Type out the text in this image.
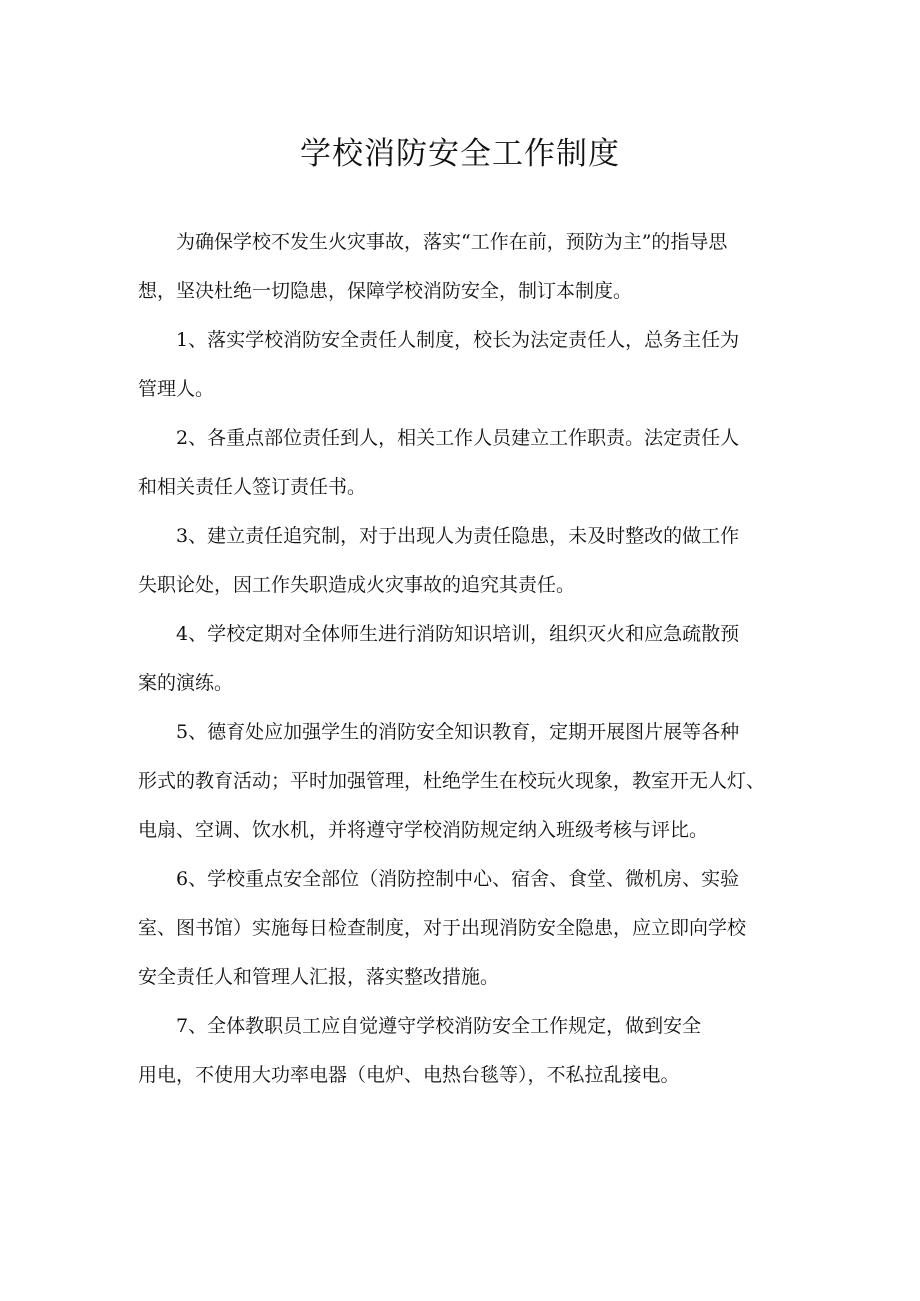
学校消防安全工作制度

为确保学校不发生火灾事故，落实“工作在前，预防为主”的指导思
想，坚决杜绝一切隐患，保障学校消防安全，制订本制度。

1、落实学校消防安全责任人制度，校长为法定责任人，总务主任为
管理人。

2、各重点部位责任到人，相关工作人员建立工作职责。法定责任人
和相关责任人签订责任书。

3、建立责任追究制，对于出现人为责任隐患，未及时整改的做工作
失职论处，因工作失职造成火灾事故的追究其责任。

4、学校定期对全体师生进行消防知识培训，组织灭火和应急疏散预
案的演练。

5、德育处应加强学生的消防安全知识教育，定期开展图片展等各种
形式的教育活动；平时加强管理，杜绝学生在校玩火现象，教室开无人灯、
电扇、空调、饮水机，并将遵守学校消防规定纳入班级考核与评比。

6、学校重点安全部位（消防控制中心、宿舍、食堂、微机房、实验
室、图书馆）实施每日检查制度，对于出现消防安全隐患，应立即向学校
安全责任人和管理人汇报，落实整改措施。

7、全体教职员工应自觉遵守学校消防安全工作规定，做到安全
用电，不使用大功率电器（电炉、电热台毯等），不私拉乱接电。
